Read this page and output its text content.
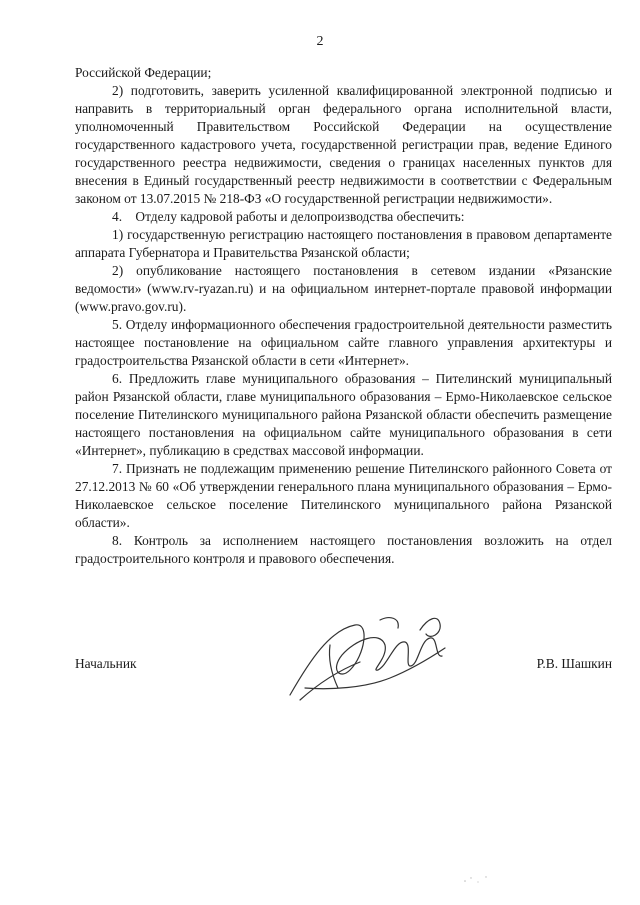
2

Российской Федерации;

2) подготовить, заверить усиленной квалифицированной электронной подписью и направить в территориальный орган федерального органа исполнительной власти, уполномоченный Правительством Российской Федерации на осуществление государственного кадастрового учета, государственной регистрации прав, ведение Единого государственного реестра недвижимости, сведения о границах населенных пунктов для внесения в Единый государственный реестр недвижимости в соответствии с Федеральным законом от 13.07.2015 № 218-ФЗ «О государственной регистрации недвижимости».

4.    Отделу кадровой работы и делопроизводства обеспечить:

1) государственную регистрацию настоящего постановления в правовом департаменте аппарата Губернатора и Правительства Рязанской области;

2) опубликование настоящего постановления в сетевом издании «Рязанские ведомости» (www.rv-ryazan.ru) и на официальном интернет-портале правовой информации (www.pravo.gov.ru).

5. Отделу информационного обеспечения градостроительной деятельности разместить настоящее постановление на официальном сайте главного управления архитектуры и градостроительства Рязанской области в сети «Интернет».

6. Предложить главе муниципального образования – Пителинский муниципальный район Рязанской области, главе муниципального образования – Ермо-Николаевское сельское поселение Пителинского муниципального района Рязанской области обеспечить размещение настоящего постановления на официальном сайте муниципального образования в сети «Интернет», публикацию в средствах массовой информации.

7. Признать не подлежащим применению решение Пителинского районного Совета от 27.12.2013 № 60 «Об утверждении генерального плана муниципального образования – Ермо-Николаевское сельское поселение Пителинского муниципального района Рязанской области».

8. Контроль за исполнением настоящего постановления возложить на отдел градостроительного контроля и правового обеспечения.

Начальник	Р.В. Шашкин
